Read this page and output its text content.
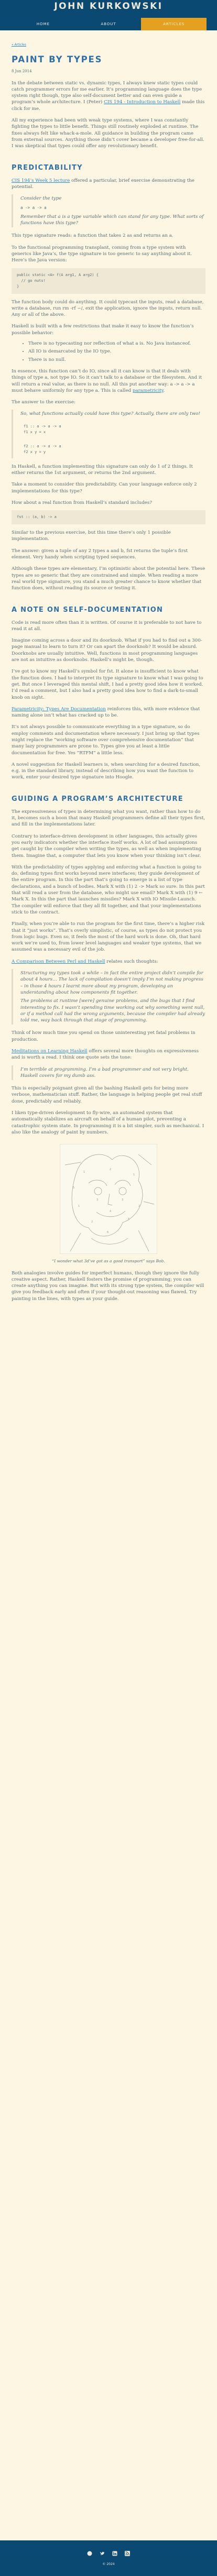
JOHN KURKOWSKI
HOME	ABOUT	ARTICLES
« Articles
PAINT BY TYPES
8 Jun 2014

In the debate between static vs. dynamic types, I always knew static types could catch programmer errors for me earlier. It’s programming language does the type system right though, type also self-document better and can even guide a program’s whole architecture. I (Peter) CIS 194 - Introduction to Haskell made this click for me.

All my experience had been with weak type systems, where I was constantly fighting the types to little benefit. Things still routinely exploded at runtime. The fixes always felt like whack-a-mole. All guidance in building the program came from external sources. Anything those didn’t cover became a developer free-for-all. I was skeptical that types could offer any revolutionary benefit.

PREDICTABILITY

CIS 194’s Week 5 lecture offered a particular, brief exercise demonstrating the potential.

Consider the type

a -> a -> a

Remember that a is a type variable which can stand for any type. What sorts of functions have this type?

This type signature reads: a function that takes 2 as and returns an a.

To the functional programming transplant, coming from a type system with generics like Java’s, the type signature is too generic to say anything about it. Here’s the Java version:

public static <A> f(A arg1, A arg2) {
// go nuts!
}

The function body could do anything. It could typecast the inputs, read a database, write a database, run rm -rf ~/, exit the application, ignore the inputs, return null. Any or all of the above.

Haskell is built with a few restrictions that make it easy to know the function’s possible behavior:

• There is no typecasting nor reflection of what a is. No Java instanceof.
• All IO is demarcated by the IO type.
• There is no null.

In essence, this function can’t do IO, since all it can know is that it deals with things of type a, not type IO. So it can’t talk to a database or the filesystem. And it will return a real value, as there is no null. All this put another way: a -> a -> a must behave uniformly for any type a. This is called parametricity.

The answer to the exercise:

So, what functions actually could have this type? Actually, there are only two!

f1 :: a -> a -> a
f1 x y = x
f2 :: a -> a -> a
f2 x y = y

In Haskell, a function implementing this signature can only do 1 of 2 things. It either returns the 1st argument, or returns the 2nd argument.

Take a moment to consider this predictability. Can your language enforce only 2 implementations for this type?

How about a real function from Haskell’s standard includes?

fst :: (a, b) -> a

Similar to the previous exercise, but this time there’s only 1 possible implementation.

The answer: given a tuple of any 2 types a and b, fst returns the tuple’s first element. Very handy when scripting typed sequences.

Although these types are elementary, I’m optimistic about the potential here. These types are so generic that they are constrained and simple. When reading a more real world type signature, you stand a much greater chance to know whether that function does, without reading its source or testing it.

A NOTE ON SELF-DOCUMENTATION

Code is read more often than it is written. Of course it is preferable to not have to read it at all.

Imagine coming across a door and its doorknob. What if you had to find out a 300-page manual to learn to turn it? Or can apart the doorknob? It would be absurd. Doorknobs are usually intuitive. Well, functions in most programming languages are not as intuitive as doorknobs. Haskell’s might be, though.

I’ve got to know my Haskell’s symbol for fst. It alone is insufficient to know what the function does. I had to interpret its type signature to know what I was going to get. But once I leveraged this mental shift, I had a pretty good idea how it worked. I’d read a comment, but I also had a pretty good idea how to find a dark-to-small knob on sight.

Parametricity: Types Are Documentation reinforces this, with more evidence that naming alone isn’t what has cracked up to be.

It’s not always possible to communicate everything in a type signature, so do employ comments and documentation where necessary. I just bring up that types might replace the “working software over comprehensive documentation” that many lazy programmers are prone to. Types give you at least a little documentation for free. Yes “RTFM” a little less.

A novel suggestion for Haskell learners is, when searching for a desired function, e.g. in the standard library, instead of describing how you want the function to work, enter your desired type signature into Hoogle.

GUIDING A PROGRAM’S ARCHITECTURE

The expressiveness of types in determining what you want, rather than how to do it, becomes such a boon that many Haskell programmers define all their types first, and fill in the implementations later.

Contrary to interface-driven development in other languages, this actually gives you early indicators whether the interface itself works. A lot of bad assumptions get caught by the compiler when writing the types, as well as when implementing them. Imagine that, a computer that lets you know when your thinking isn’t clear.

With the predictability of types applying and enforcing what a function is going to do, defining types first works beyond mere interfaces; they guide development of the entire program. In this the part that’s going to emerge is a list of type declarations, and a bunch of bodies. Mark X with (1) 2 -> Mark so sure. In this part that will read a user from the database, who might use email? Mark X with (1) 9 ← Mark X. In this the part that launches missiles? Mark X with IO Missile-Launch. The compiler will enforce that they all fit together, and that your implementations stick to the contract.

Finally, when you’re able to run the program for the first time, there’s a higher risk that it “just works”. That’s overly simplistic, of course, as types do not protect you from logic bugs. Even so, it feels the most of the hard work is done. Oh, that hard work we’re used to, from lower level languages and weaker type systems, that we assumed was a necessary evil of the job.

A Comparison Between Perl and Haskell relates such thoughts:

Structuring my types took a while – in fact the entire project didn’t compile for about 4 hours… The lack of compilation doesn’t imply I’m not making progress – in those 4 hours I learnt more about my program, developing an understanding about how components fit together.

The problems at runtime [were] genuine problems, and the bugs that I find interesting to fix. I wasn’t spending time working out why something went null, or if a method call had the wrong arguments, because the compiler had already told me, way back through that stage of programming.

Think of how much time you spend on those uninteresting yet fatal problems in production.

Meditations on Learning Haskell offers several more thoughts on expressiveness and is worth a read. I think one quote sets the tone:

I’m terrible at programming. I’m a bad programmer and not very bright. Haskell covers for my dumb ass.

This is especially poignant given all the bashing Haskell gets for being more verbose, mathematician stuff. Rather, the language is helping people get real stuff done, predictably and reliably.

I liken type-driven development to fly-wire, an automated system that automatically stabilizes an aircraft on behalf of a human pilot, preventing a catastrophic system state. In programming it is a bit simpler, such as mechanical. I also like the analogy of paint by numbers.

1
2
1
3	3
4
2
5
6
1	2
5
“I wonder what 3d’ve got as a good transport” says Bob.

Both analogies involve guides for imperfect humans, though they ignore the fully creative aspect. Rather, Haskell fosters the promise of programming; you can create anything you can imagine. But with its strong type system, the compiler will give you feedback early and often if your thought-out reasoning was flawed. Try painting in the lines, with types as your guide.

© 2024
